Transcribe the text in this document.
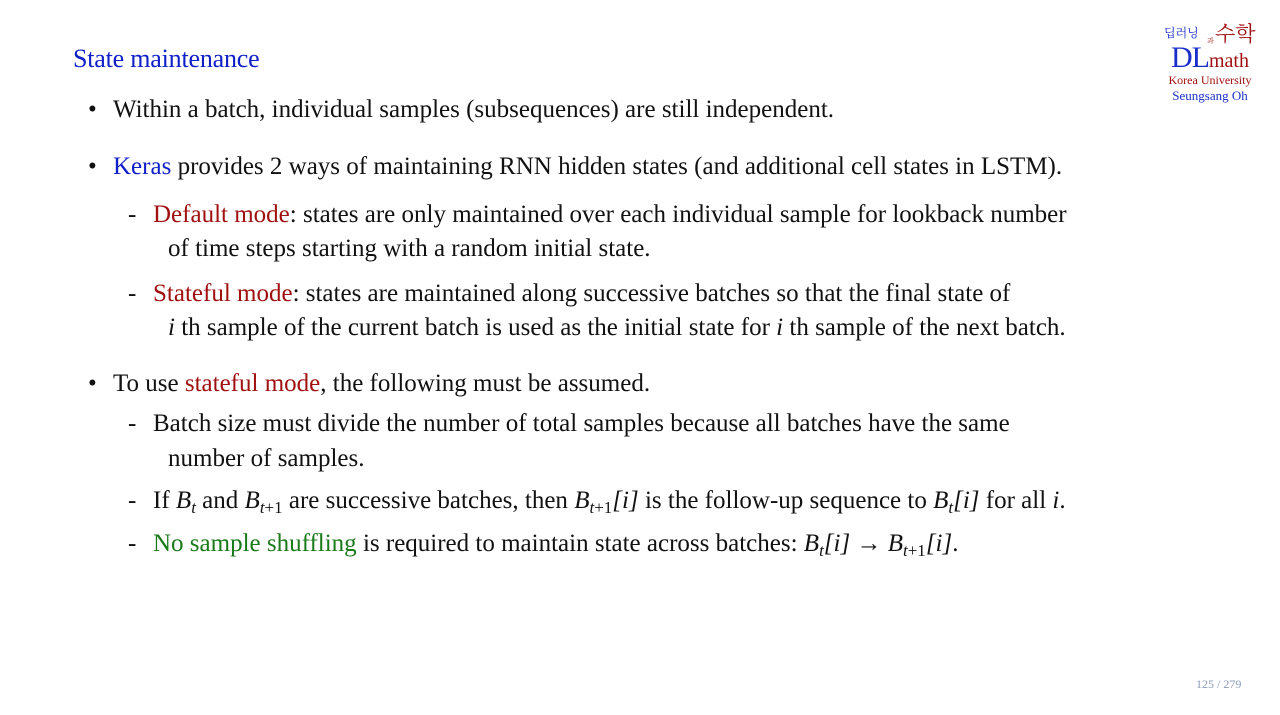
State maintenance
딥러닝
과 수학
DLmath
Korea University
Seungsang Oh
• Within a batch, individual samples (subsequences) are still independent.
• Keras provides 2 ways of maintaining RNN hidden states (and additional cell states in LSTM).
- Default mode: states are only maintained over each individual sample for lookback number
of time steps starting with a random initial state.
- Stateful mode: states are maintained along successive batches so that the final state of
i th sample of the current batch is used as the initial state for i th sample of the next batch.
• To use stateful mode, the following must be assumed.
- Batch size must divide the number of total samples because all batches have the same
number of samples.
- If $B_t$ and $B_{t+1}$ are successive batches, then $B_{t+1}[i]$ is the follow-up sequence to $B_t[i]$ for all i.
- No sample shuffling is required to maintain state across batches: $B_t[i] \to B_{t+1}[i]$.
125 / 279
